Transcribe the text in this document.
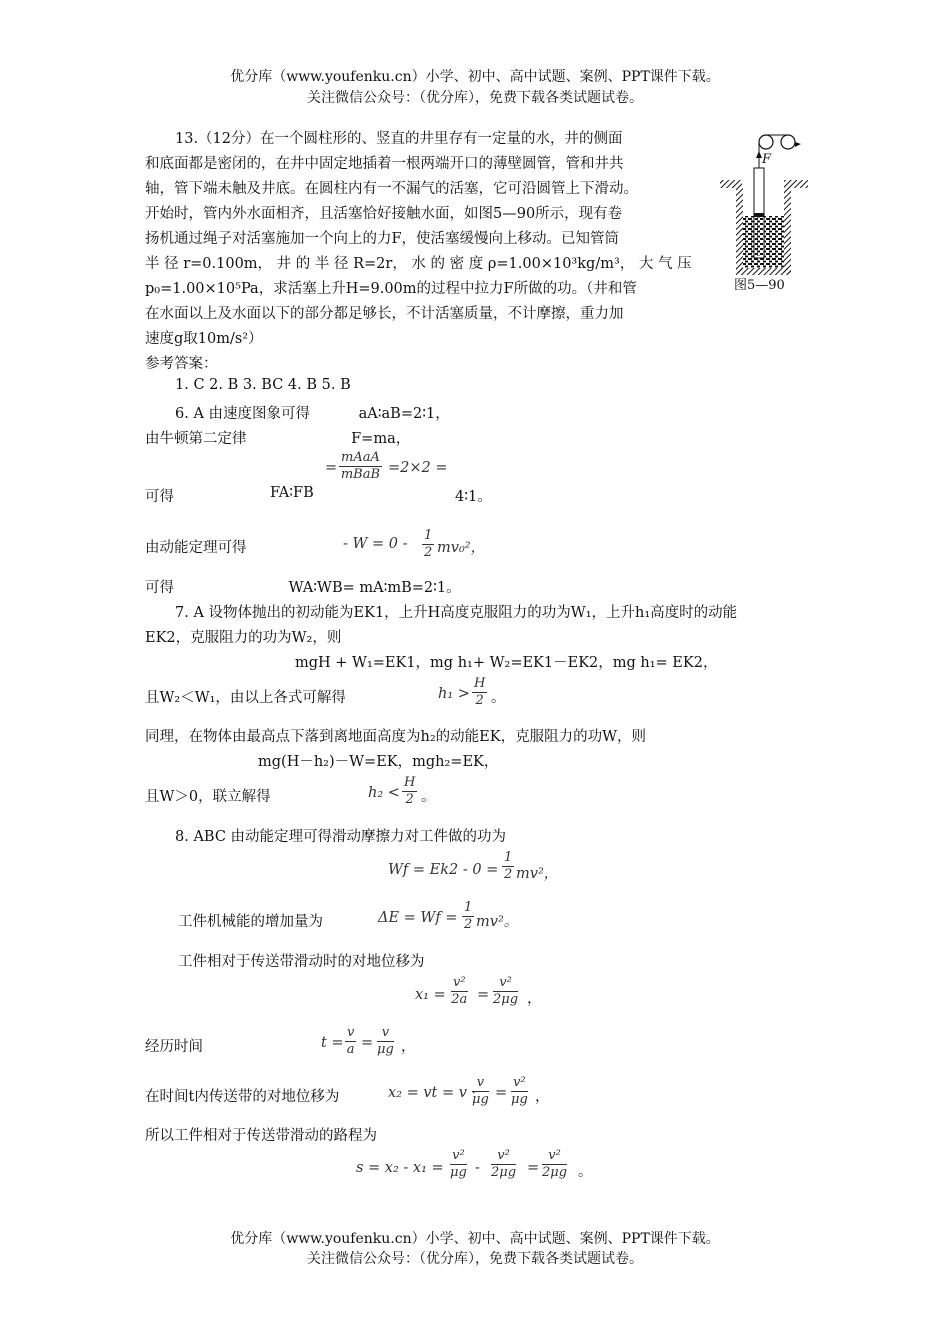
优分库（www.youfenku.cn）小学、初中、高中试题、案例、PPT课件下载。
关注微信公众号：（优分库），免费下载各类试题试卷。
13.（12分）在一个圆柱形的、竖直的井里存有一定量的水，井的侧面
和底面都是密闭的，在井中固定地插着一根两端开口的薄壁圆管，管和井共
轴，管下端未触及井底。在圆柱内有一不漏气的活塞，它可沿圆管上下滑动。
开始时，管内外水面相齐，且活塞恰好接触水面，如图5—90所示，现有卷
扬机通过绳子对活塞施加一个向上的力F，使活塞缓慢向上移动。已知管筒
半 径 r=0.100m， 井 的 半 径 R=2r， 水 的 密 度 ρ=1.00×10³kg/m³， 大 气 压
p₀=1.00×10⁵Pa，求活塞上升H=9.00m的过程中拉力F所做的功。（井和管
在水面以上及水面以下的部分都足够长，不计活塞质量，不计摩擦，重力加
速度g取10m/s²）
F
图5—90
参考答案：
1. C 2. B 3. BC 4. B 5. B
6. A 由速度图象可得	aA∶aB=2∶1，
由牛顿第二定律	F=ma，
可得	FA∶FB
=
mAaA
mBaB =2×2 =
4∶1。
由动能定理可得	- $W = 0 - \frac{1}{2} mv_0^2$，
可得	WA∶WB= mA∶mB=2∶1。
7. A 设物体抛出的初动能为EK1，上升H高度克服阻力的功为W₁，上升h₁高度时的动能
EK2，克服阻力的功为W₂，则
mgH + W₁=EK1，mg h₁+ W₂=EK1－EK2，mg h₁= EK2，
且W₂＜W₁，由以上各式可解得	$h_1 > \frac{H}{2}$ 。
同理，在物体由最高点下落到离地面高度为h₂的动能EK，克服阻力的功W，则
mg(H－h₂)－W=EK，mgh₂=EK，
且W＞0，联立解得	$h_2 < \frac{H}{2}$ 。
8. ABC 由动能定理可得滑动摩擦力对工件做的功为
$Wf = Ek2 - 0 = \frac{1}{2} mv^2$，
工件机械能的增加量为	$\Delta E = Wf = \frac{1}{2} mv^2$。
工件相对于传送带滑动时的对地位移为
$x_1 = \frac{\text{v²}}{2a} = \frac{\text{v²}}{2\mu g}$ ，
经历时间	$t = \frac{v}{a} = \frac{v}{\mu g}$ ，
在时间t内传送带的对地位移为	x₂ = vt = v ·
$\frac{v}{\mu g} = \frac{\text{v²}}{\mu g}$ ，
所以工件相对于传送带滑动的路程为
$s = x_2 - x_1 = \frac{\text{v²}}{\mu g} - \frac{\text{v²}}{2\mu g} = \frac{\text{v²}}{2\mu g}$ 。
优分库（www.youfenku.cn）小学、初中、高中试题、案例、PPT课件下载。
关注微信公众号：（优分库），免费下载各类试题试卷。
